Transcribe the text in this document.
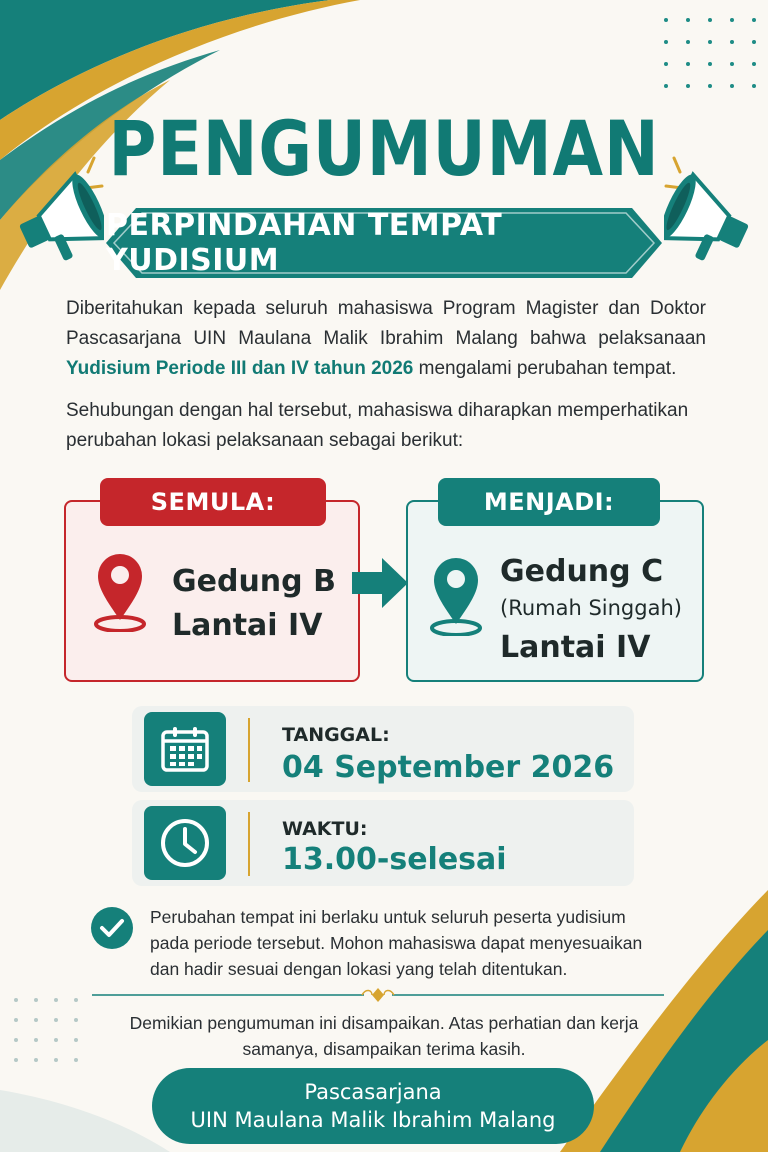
PENGUMUMAN
PERPINDAHAN TEMPAT YUDISIUM
Diberitahukan kepada seluruh mahasiswa Program Magister dan Doktor Pascasarjana UIN Maulana Malik Ibrahim Malang bahwa pelaksanaan Yudisium Periode III dan IV tahun 2026 mengalami perubahan tempat.
Sehubungan dengan hal tersebut, mahasiswa diharapkan memperhatikan perubahan lokasi pelaksanaan sebagai berikut:
SEMULA:
Gedung B
Lantai IV
MENJADI:
Gedung C
(Rumah Singgah)
Lantai IV
TANGGAL:
04 September 2026
WAKTU:
13.00-selesai
Perubahan tempat ini berlaku untuk seluruh peserta yudisium pada periode tersebut. Mohon mahasiswa dapat menyesuaikan dan hadir sesuai dengan lokasi yang telah ditentukan.
Demikian pengumuman ini disampaikan. Atas perhatian dan kerja samanya, disampaikan terima kasih.
Pascasarjana
UIN Maulana Malik Ibrahim Malang
